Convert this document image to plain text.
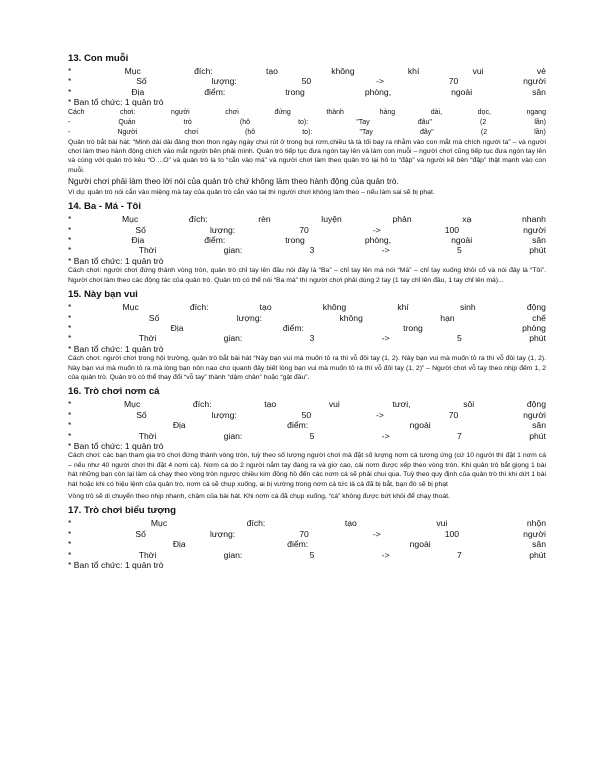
13. Con muỗi
*	Mục	đích:	tạo	không	khí	vui	vẻ
*	Số	lượng:	50	->	70	người
*	Địa	điểm:	trong	phòng,	ngoài	sân
* Ban tổ chức: 1 quản trò
Cách	chơi:	người	chơi	đứng	thành	hàng	dài,	dọc,	ngang
-	Quản	trò	(hô	to):	"Tay	đâu"	(2	lần)
-	Người	chơi	(hô	to):	"Tay	đây"	(2	lần)

Quản trò bắt bài hát: “Minh dài dài đàng thon thon ngày ngày chui rút ở trong bụi rơm,chiều tà tà tối bay ra nhằm vào con mắt mà chích người ta” – và người chơi làm theo hành động chích vào mắt người bên phải mình. Quản trò tiếp tục đưa ngón tay lên và làm con muỗi – người chơi cũng tiếp tục đưa ngón tay lên và cùng với quản trò kêu “O ...O” và quản trò la to “cắn vào má” và người chơi làm theo quản trò lại hô to “đập” và người kế bên “đập” thật mạnh vào con muỗi.

Người chơi phải làm theo lời nói của quản trò chứ không làm theo hành động của quản trò.

Ví dụ: quản trò nói cắn vào miệng mà tay của quản trò cắn vào tai thì người chơi không làm theo – nếu làm sai sẽ bị phạt.

14. Ba - Má - Tôi
*	Mục	đích:	rèn	luyện	phản	xạ	nhanh
*	Số	lượng:	70	->	100	người
*	Địa	điểm:	trong	phòng,	ngoài	sân
*	Thời	gian:	3	->	5	phút
* Ban tổ chức: 1 quản trò

Cách chơi: người chơi đứng thành vòng tròn, quản trò chỉ tay lên đầu nói đây là “Ba” – chỉ tay lên má nói “Má” – chỉ tay xuống khỏi cổ và nói đây là “Tôi”. Người chơi làm theo các động tác của quản trò. Quản trò có thể nói “Ba má” thì người chơi phải dùng 2 tay (1 tay chỉ lên đầu, 1 tay chỉ lên má)...

15. Này bạn vui
*	Mục	đích:	tạo	không	khí	sinh	động
*	Số	lượng:	không	hạn	chế
*	Địa	điểm:	trong	phòng
*	Thời	gian:	3	->	5	phút
* Ban tổ chức: 1 quản trò

Cách chơi: người chơi trong hội trường, quản trò bắt bài hát “Này bạn vui mà muốn tỏ ra thì vỗ đôi tay (1, 2). Này bạn vui mà muốn tỏ ra thì vỗ đôi tay (1, 2). Này bạn vui mà muốn tỏ ra mà lòng bạn nôn nao cho quanh đây biết lòng bạn vui mà muốn tỏ ra thì vỗ đôi tay (1, 2)” – Người chơi vỗ tay theo nhịp đếm 1, 2 của quản trò. Quản trò có thể thay đổi “vỗ tay” thành “dậm chân” hoặc “gật đầu”.

16. Trò chơi nơm cá
*	Mục	đích:	tạo	vui	tươi,	sôi	động
*	Số	lượng:	50	->	70	người
*	Địa	điểm:	ngoài	sân
*	Thời	gian:	5	->	7	phút
* Ban tổ chức: 1 quản trò

Cách chơi: các bạn tham gia trò chơi đứng thành vòng tròn, tuỳ theo số lượng người chơi mà đặt số lượng nơm cá tương ứng (cứ 10 người thì đặt 1 nơm cá – nếu như 40 người chơi thì đặt 4 nơm cá). Nơm cá do 2 người nắm tay đang ra và giơ cao, cái nơm được xếp theo vòng tròn. Khi quản trò bắt giọng 1 bài hát những bạn còn lại làm cá chạy theo vòng tròn ngược chiều kim đồng hồ đến các nơm cá sẽ phải chui qua. Tuỳ theo quy định của quản trò thì khi dứt 1 bài hát hoặc khi có hiệu lệnh của quản trò, nơm cá sẽ chụp xuống, ai bị vướng trong nơm cá tức là cá đã bị bắt, bạn đó sẽ bị phạt

Vòng trò sẽ di chuyển theo nhịp nhanh, chậm của bài hát. Khi nơm cá đã chụp xuống, “cá” không được bứt khỏi để chạy thoát.

17. Trò chơi biểu tượng
*	Mục	đích:	tạo	vui	nhộn
*	Số	lượng:	70	->	100	người
*	Địa	điểm:	ngoài	sân
*	Thời	gian:	5	->	7	phút
* Ban tổ chức: 1 quản trò
